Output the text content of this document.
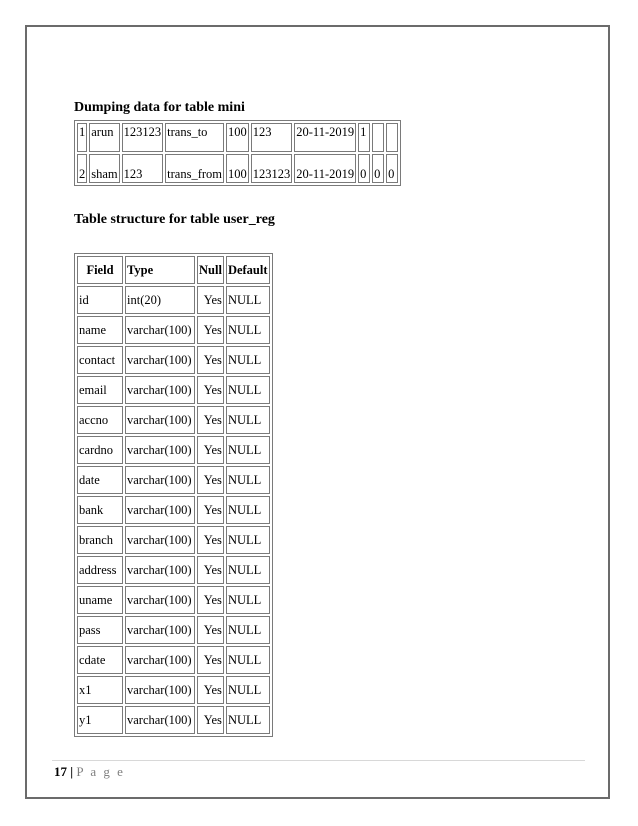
Dumping data for table mini
1	arun	123123	trans_to	100	123	20-11-2019	1		
2	sham	123	trans_from	100	123123	20-11-2019	0	0	0
Table structure for table user_reg
Field	Type	Null	Default
id	int(20)	Yes	NULL
name	varchar(100)	Yes	NULL
contact	varchar(100)	Yes	NULL
email	varchar(100)	Yes	NULL
accno	varchar(100)	Yes	NULL
cardno	varchar(100)	Yes	NULL
date	varchar(100)	Yes	NULL
bank	varchar(100)	Yes	NULL
branch	varchar(100)	Yes	NULL
address	varchar(100)	Yes	NULL
uname	varchar(100)	Yes	NULL
pass	varchar(100)	Yes	NULL
cdate	varchar(100)	Yes	NULL
x1	varchar(100)	Yes	NULL
y1	varchar(100)	Yes	NULL
17 | P a g e
